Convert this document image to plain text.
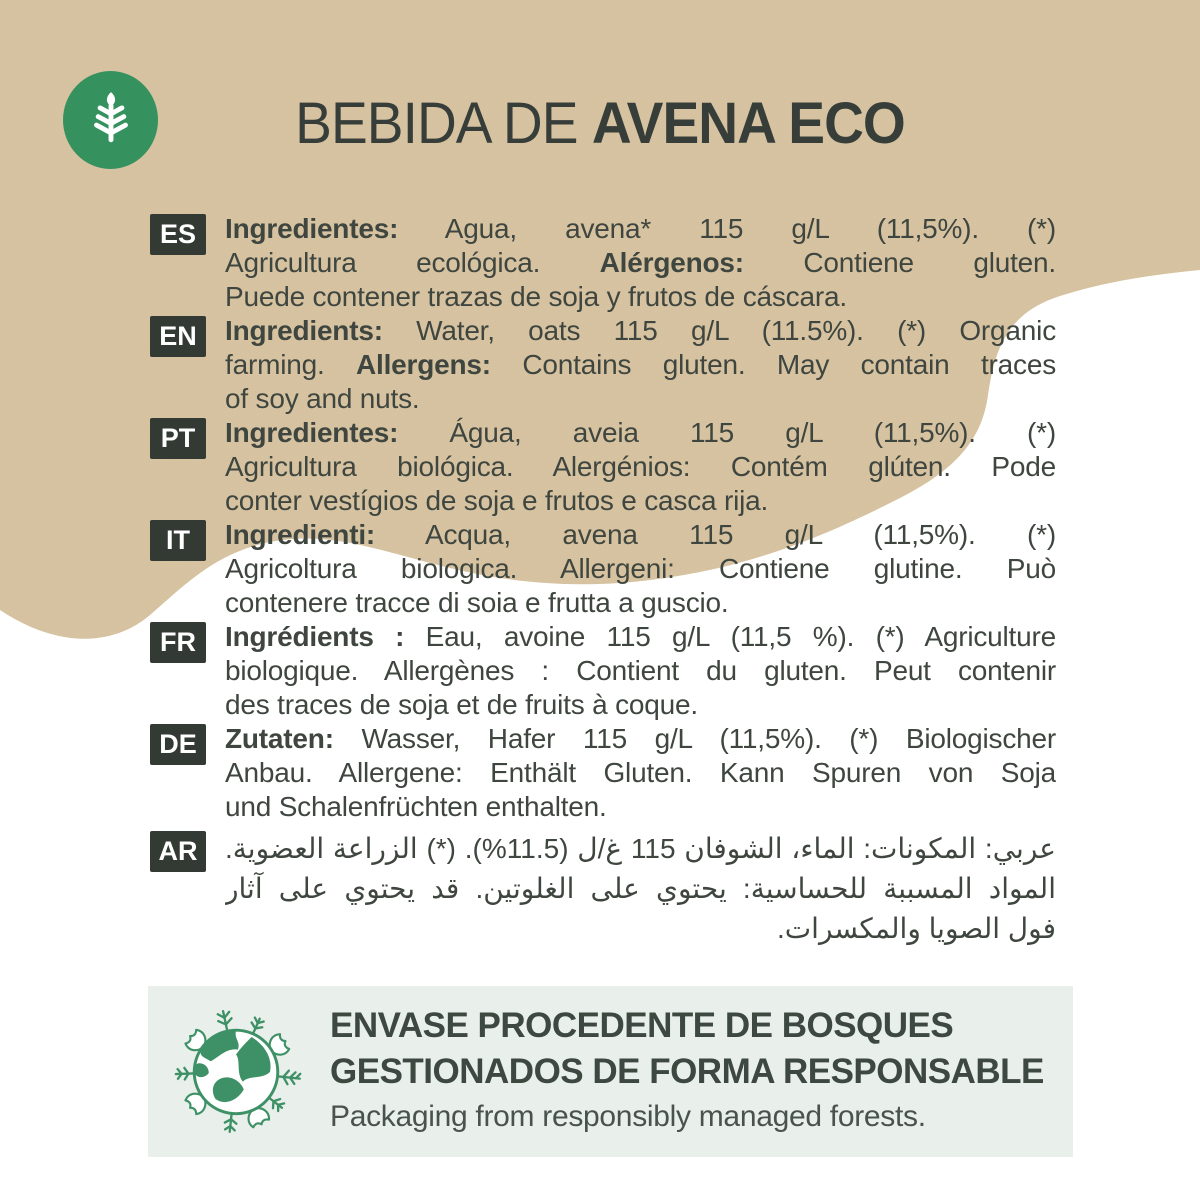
BEBIDA DE AVENA ECO
ES	Ingredientes: Agua, avena* 115 g/L (11,5%). (*)
Agricultura ecológica. Alérgenos: Contiene gluten.
Puede contener trazas de soja y frutos de cáscara.
EN	Ingredients: Water, oats 115 g/L (11.5%). (*) Organic
farming. Allergens: Contains gluten. May contain traces
of soy and nuts.
PT	Ingredientes: Água, aveia 115 g/L (11,5%). (*)
Agricultura biológica. Alergénios: Contém glúten. Pode
conter vestígios de soja e frutos e casca rija.
IT	Ingredienti: Acqua, avena 115 g/L (11,5%). (*)
Agricoltura biologica. Allergeni: Contiene glutine. Può
contenere tracce di soia e frutta a guscio.
FR	Ingrédients : Eau, avoine 115 g/L (11,5 %). (*) Agriculture
biologique. Allergènes : Contient du gluten. Peut contenir
des traces de soja et de fruits à coque.
DE	Zutaten: Wasser, Hafer 115 g/L (11,5%). (*) Biologischer
Anbau. Allergene: Enthält Gluten. Kann Spuren von Soja
und Schalenfrüchten enthalten.
AR عربي: المكونات: الماء، الشوفان 115 غ/ل (11.5%). (*) الزراعة العضوية.
المواد المسببة للحساسية: يحتوي على الغلوتين. قد يحتوي على آثار
فول الصويا والمكسرات.
ENVASE PROCEDENTE DE BOSQUES
GESTIONADOS DE FORMA RESPONSABLE
Packaging from responsibly managed forests.
